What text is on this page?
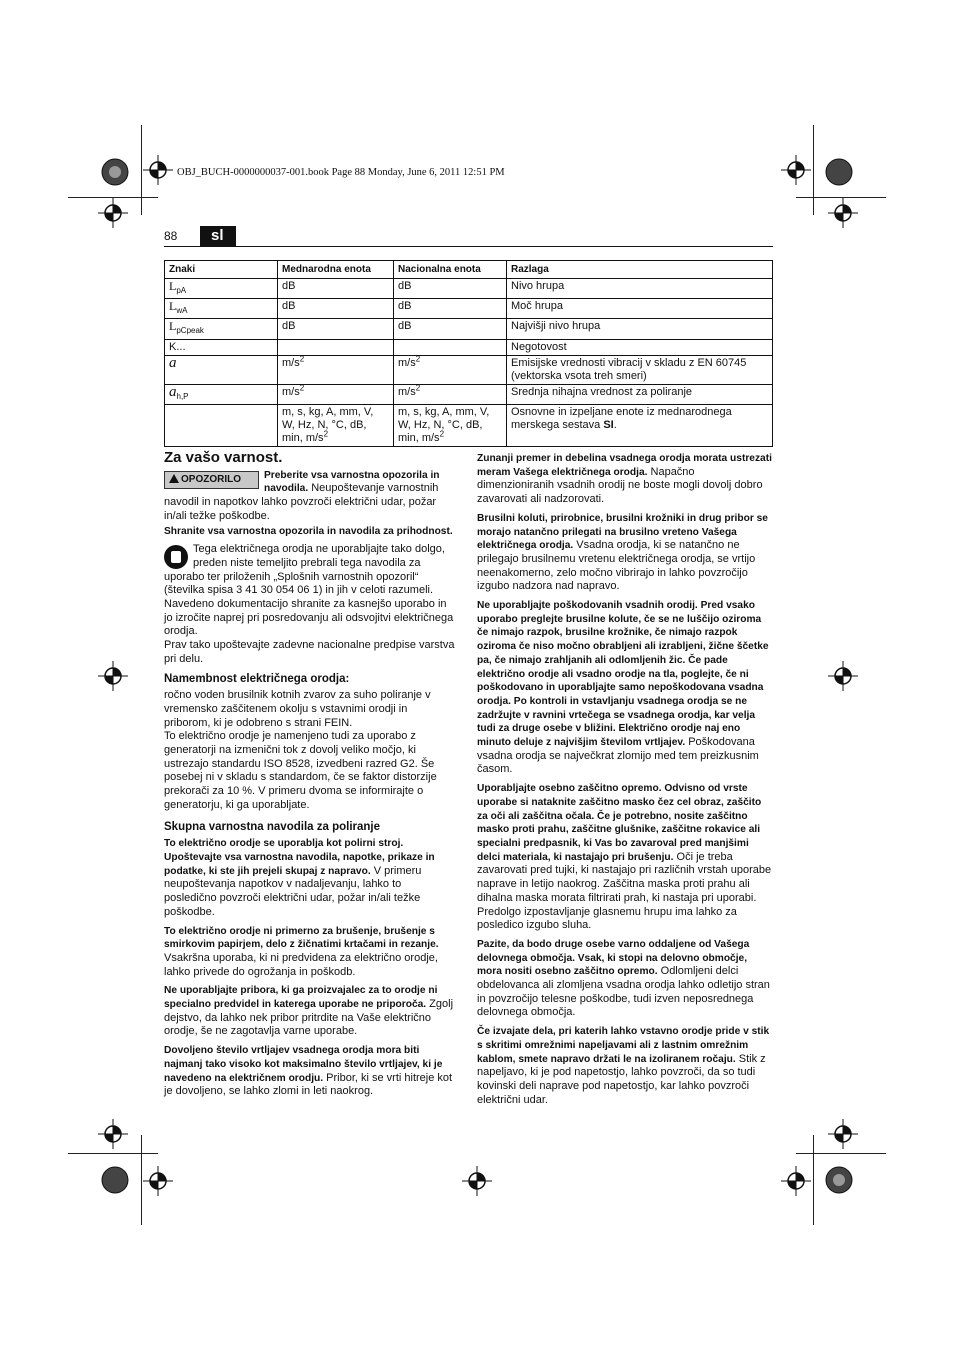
OBJ_BUCH-0000000037-001.book Page 88 Monday, June 6, 2011 12:51 PM
88	sl
Znaki	Mednarodna enota	Nacionalna enota	Razlaga
$L_{pA}$	dB	dB	Nivo hrupa
$L_{wA}$	dB	dB	Moč hrupa
$L_{pCpeak}$	dB	dB	Najvišji nivo hrupa
K...			Negotovost
a	$m/s^2$	$m/s^2$	Emisijske vrednosti vibracij v skladu z EN 60745 (vektorska vsota treh smeri)
$a_{h,P}$	$m/s^2$	$m/s^2$	Srednja nihajna vrednost za poliranje
	m, s, kg, A, mm, V, W, Hz, N, °C, dB, min, $m/s^2$	m, s, kg, A, mm, V, W, Hz, N, °C, dB, min, $m/s^2$	Osnovne in izpeljane enote iz mednarodnega merskega sestava SI.
Za vašo varnost.

OPOZORILO	Preberite vsa varnostna opozorila in navodila. Neupoštevanje varnostnih navodil in napotkov lahko povzroči električni udar, požar in/ali težke poškodbe.

Shranite vsa varnostna opozorila in navodila za prihodnost.

Tega električnega orodja ne uporabljajte tako dolgo, preden niste temeljito prebrali tega navodila za uporabo ter priloženih „Splošnih varnostnih opozoril“ (številka spisa 3 41 30 054 06 1) in jih v celoti razumeli. Navedeno dokumentacijo shranite za kasnejšo uporabo in jo izročite naprej pri posredovanju ali odsvojitvi električnega orodja.

Prav tako upoštevajte zadevne nacionalne predpise varstva pri delu.

Namembnost električnega orodja:

ročno voden brusilnik kotnih zvarov za suho poliranje v vremensko zaščitenem okolju s vstavnimi orodji in priborom, ki je odobreno s strani FEIN.

To električno orodje je namenjeno tudi za uporabo z generatorji na izmenični tok z dovolj veliko močjo, ki ustrezajo standardu ISO 8528, izvedbeni razred G2. Še posebej ni v skladu s standardom, če se faktor distorzije prekorači za 10 %. V primeru dvoma se informirajte o generatorju, ki ga uporabljate.

Skupna varnostna navodila za poliranje

To električno orodje se uporablja kot polirni stroj. Upoštevajte vsa varnostna navodila, napotke, prikaze in podatke, ki ste jih prejeli skupaj z napravo. V primeru neupoštevanja napotkov v nadaljevanju, lahko to posledično povzroči električni udar, požar in/ali težke poškodbe.

To električno orodje ni primerno za brušenje, brušenje s smirkovim papirjem, delo z žičnatimi krtačami in rezanje. Vsakršna uporaba, ki ni predvidena za električno orodje, lahko privede do ogrožanja in poškodb.

Ne uporabljajte pribora, ki ga proizvajalec za to orodje ni specialno predvidel in katerega uporabe ne priporoča. Zgolj dejstvo, da lahko nek pribor pritrdite na Vaše električno orodje, še ne zagotavlja varne uporabe.

Dovoljeno število vrtljajev vsadnega orodja mora biti najmanj tako visoko kot maksimalno število vrtljajev, ki je navedeno na električnem orodju. Pribor, ki se vrti hitreje kot je dovoljeno, se lahko zlomi in leti naokrog.

Zunanji premer in debelina vsadnega orodja morata ustrezati meram Vašega električnega orodja. Napačno dimenzioniranih vsadnih orodij ne boste mogli dovolj dobro zavarovati ali nadzorovati.

Brusilni koluti, prirobnice, brusilni krožniki in drug pribor se morajo natančno prilegati na brusilno vreteno Vašega električnega orodja. Vsadna orodja, ki se natančno ne prilegajo brusilnemu vretenu električnega orodja, se vrtijo neenakomerno, zelo močno vibrirajo in lahko povzročijo izgubo nadzora nad napravo.

Ne uporabljajte poškodovanih vsadnih orodij. Pred vsako uporabo preglejte brusilne kolute, če se ne luščijo oziroma če nimajo razpok, brusilne krožnike, če nimajo razpok oziroma če niso močno obrabljeni ali izrabljeni, žične ščetke pa, če nimajo zrahljanih ali odlomljenih žic. Če pade električno orodje ali vsadno orodje na tla, poglejte, če ni poškodovano in uporabljajte samo nepoškodovana vsadna orodja. Po kontroli in vstavljanju vsadnega orodja se ne zadržujte v ravnini vrtečega se vsadnega orodja, kar velja tudi za druge osebe v bližini. Električno orodje naj eno minuto deluje z najvišjim številom vrtljajev. Poškodovana vsadna orodja se največkrat zlomijo med tem preizkusnim časom.

Uporabljajte osebno zaščitno opremo. Odvisno od vrste uporabe si nataknite zaščitno masko čez cel obraz, zaščito za oči ali zaščitna očala. Če je potrebno, nosite zaščitno masko proti prahu, zaščitne glušnike, zaščitne rokavice ali specialni predpasnik, ki Vas bo zavaroval pred manjšimi delci materiala, ki nastajajo pri brušenju. Oči je treba zavarovati pred tujki, ki nastajajo pri različnih vrstah uporabe naprave in letijo naokrog. Zaščitna maska proti prahu ali dihalna maska morata filtrirati prah, ki nastaja pri uporabi. Predolgo izpostavljanje glasnemu hrupu ima lahko za posledico izgubo sluha.

Pazite, da bodo druge osebe varno oddaljene od Vašega delovnega območja. Vsak, ki stopi na delovno območje, mora nositi osebno zaščitno opremo. Odlomljeni delci obdelovanca ali zlomljena vsadna orodja lahko odletijo stran in povzročijo telesne poškodbe, tudi izven neposrednega delovnega območja.

Če izvajate dela, pri katerih lahko vstavno orodje pride v stik s skritimi omrežnimi napeljavami ali z lastnim omrežnim kablom, smete napravo držati le na izoliranem ročaju. Stik z napeljavo, ki je pod napetostjo, lahko povzroči, da so tudi kovinski deli naprave pod napetostjo, kar lahko povzroči električni udar.
